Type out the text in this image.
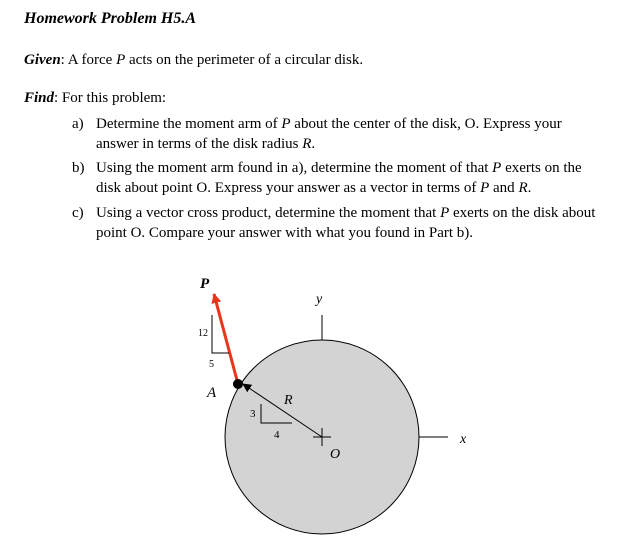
Homework Problem H5.A
Given: A force P acts on the perimeter of a circular disk.
Find: For this problem:
a) Determine the moment arm of P about the center of the disk, O. Express your answer in terms of the disk radius R.
b) Using the moment arm found in a), determine the moment of that P exerts on the disk about point O. Express your answer as a vector in terms of P and R.
c) Using a vector cross product, determine the moment that P exerts on the disk about point O. Compare your answer with what you found in Part b).
y
x
O
R
3
4
P
12
5
A
